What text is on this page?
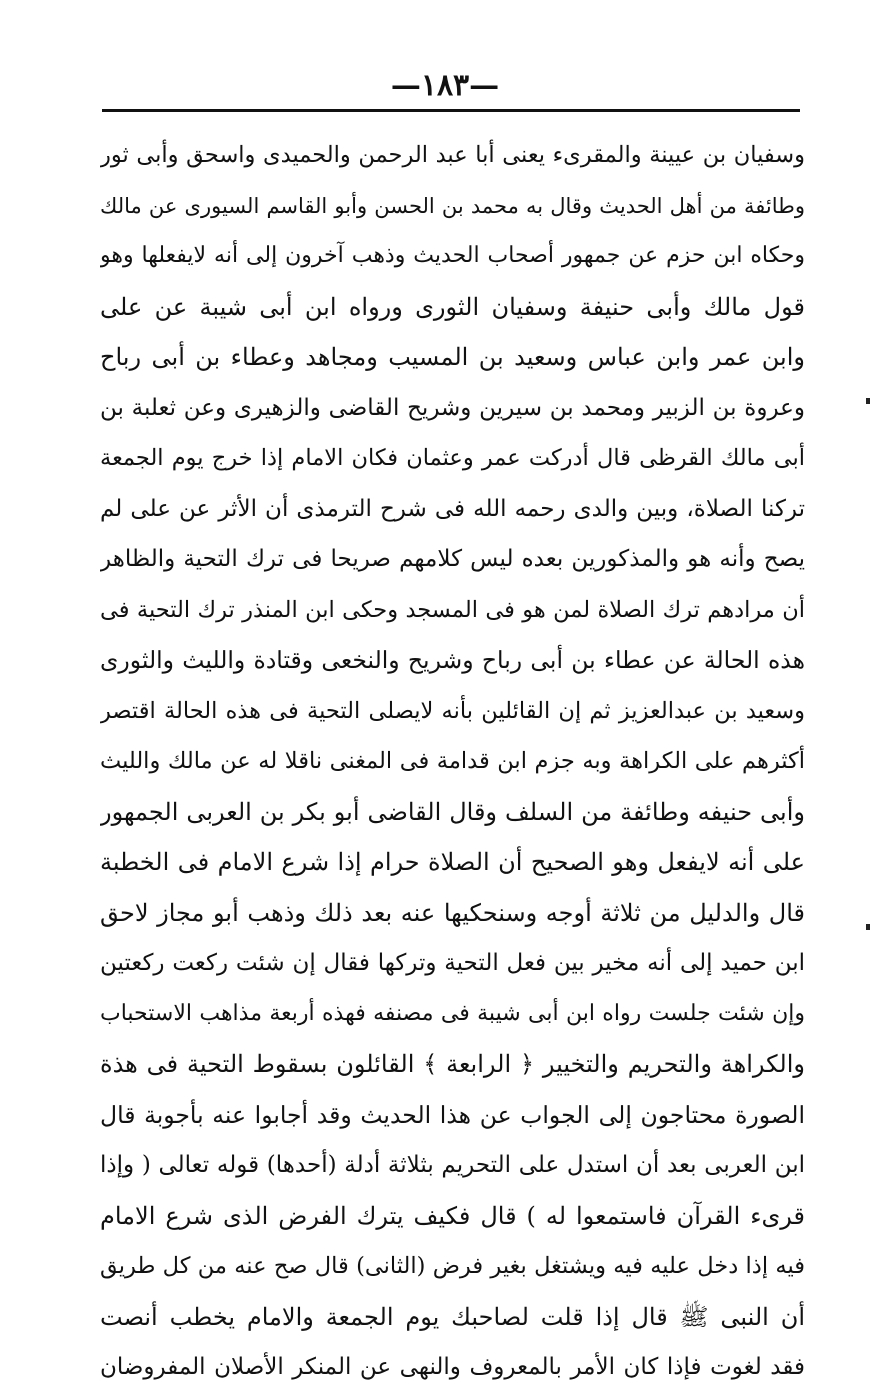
—١٨٣—
وسفيان بن عيينة والمقرىء يعنى أبا عبد الرحمن والحميدى واسحق وأبى ثور
وطائفة من أهل الحديث وقال به محمد بن الحسن وأبو القاسم السيورى عن مالك
وحكاه ابن حزم عن جمهور أصحاب الحديث وذهب آخرون إلى أنه لايفعلها وهو
قول مالك وأبى حنيفة وسفيان الثورى ورواه ابن أبى شيبة عن على
وابن عمر وابن عباس وسعيد بن المسيب ومجاهد وعطاء بن أبى رباح
وعروة بن الزبير ومحمد بن سيرين وشريح القاضى والزهيرى وعن ثعلبة بن
أبى مالك القرظى قال أدركت عمر وعثمان فكان الامام إذا خرج يوم الجمعة
تركنا الصلاة، وبين والدى رحمه الله فى شرح الترمذى أن الأثر عن على لم
يصح وأنه هو والمذكورين بعده ليس كلامهم صريحا فى ترك التحية والظاهر
أن مرادهم ترك الصلاة لمن هو فى المسجد وحكى ابن المنذر ترك التحية فى
هذه الحالة عن عطاء بن أبى رباح وشريح والنخعى وقتادة والليث والثورى
وسعيد بن عبدالعزيز ثم إن القائلين بأنه لايصلى التحية فى هذه الحالة اقتصر
أكثرهم على الكراهة وبه جزم ابن قدامة فى المغنى ناقلا له عن مالك والليث
وأبى حنيفه وطائفة من السلف وقال القاضى أبو بكر بن العربى الجمهور
على أنه لايفعل وهو الصحيح أن الصلاة حرام إذا شرع الامام فى الخطبة
قال والدليل من ثلاثة أوجه وسنحكيها عنه بعد ذلك وذهب أبو مجاز لاحق
ابن حميد إلى أنه مخير بين فعل التحية وتركها فقال إن شئت ركعت ركعتين
وإن شئت جلست رواه ابن أبى شيبة فى مصنفه فهذه أربعة مذاهب الاستحباب
والكراهة والتحريم والتخيير ﴿ الرابعة ﴾ القائلون بسقوط التحية فى هذة
الصورة محتاجون إلى الجواب عن هذا الحديث وقد أجابوا عنه بأجوبة قال
ابن العربى بعد أن استدل على التحريم بثلاثة أدلة (أحدها) قوله تعالى ( وإذا
قرىء القرآن فاستمعوا له ) قال فكيف يترك الفرض الذى شرع الامام
فيه إذا دخل عليه فيه ويشتغل بغير فرض (الثانى) قال صح عنه من كل طريق
أن النبى ﷺ قال إذا قلت لصاحبك يوم الجمعة والامام يخطب أنصت
فقد لغوت فإذا كان الأمر بالمعروف والنهى عن المنكر الأصلان المفروضان
